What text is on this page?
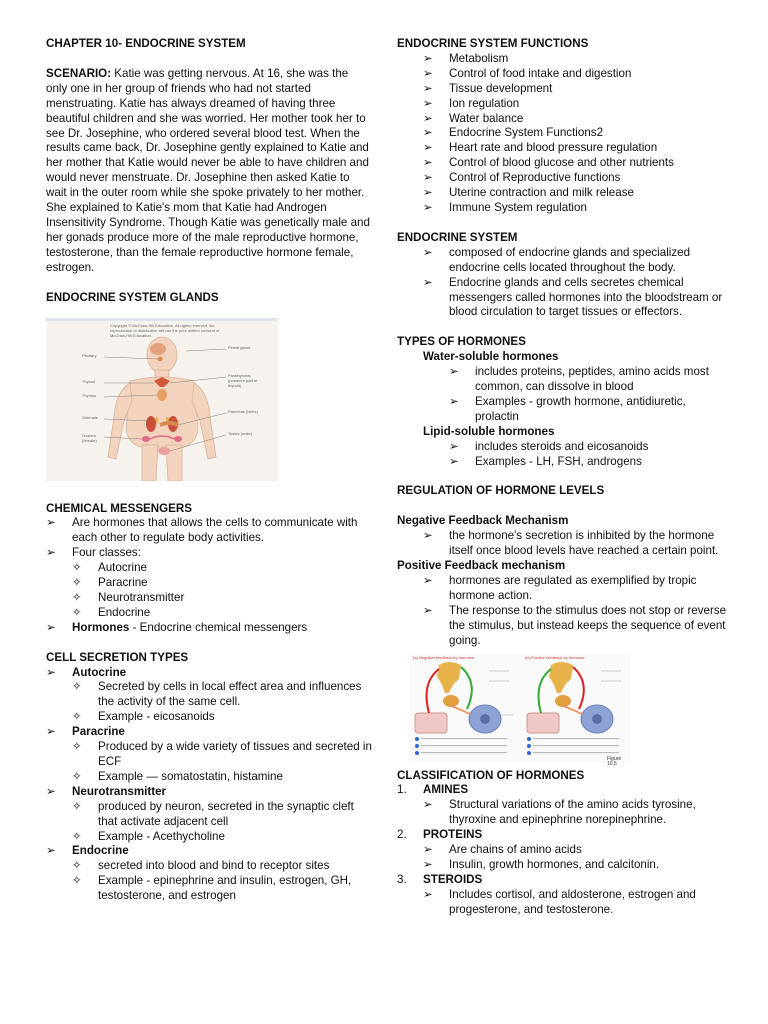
CHAPTER 10- ENDOCRINE SYSTEM

SCENARIO: Katie was getting nervous. At 16, she was the only one in her group of friends who had not started menstruating. Katie has always dreamed of having three beautiful children and she was worried. Her mother took her to see Dr. Josephine, who ordered several blood test. When the results came back, Dr. Josephine gently explained to Katie and her mother that Katie would never be able to have children and would never menstruate. Dr. Josephine then asked Katie to wait in the outer room while she spoke privately to her mother.

She explained to Katie's mom that Katie had Androgen Insensitivity Syndrome. Though Katie was genetically male and her gonads produce more of the male reproductive hormone, testosterone, than the female reproductive hormone female, estrogen.

ENDOCRINE SYSTEM GLANDS

Copyright © McGraw-Hill Education. All rights reserved. No reproduction or distribution without the prior written consent of McGraw-Hill Education.
Pituitary
Thyroid
Thymus
Adrenals
Ovaries (female)
Pineal gland
Parathyroids (posterior part of thyroid)
Pancreas (islets)
Testes (male)

CHEMICAL MESSENGERS

➢	Are hormones that allows the cells to communicate with each other to regulate body activities.
➢	Four classes:
✧ Autocrine
✧ Paracrine
✧ Neurotransmitter
✧ Endocrine
➢	Hormones - Endocrine chemical messengers

CELL SECRETION TYPES

➢	Autocrine
✧ Secreted by cells in local effect area and influences the activity of the same cell.
✧ Example - eicosanoids
➢	Paracrine
✧ Produced by a wide variety of tissues and secreted in ECF
✧ Example — somatostatin, histamine
➢	Neurotransmitter
✧ produced by neuron, secreted in the synaptic cleft that activate adjacent cell
✧ Example - Acethycholine
➢	Endocrine
✧ secreted into blood and bind to receptor sites
✧ Example - epinephrine and insulin, estrogen, GH, testosterone, and estrogen

ENDOCRINE SYSTEM FUNCTIONS

➢	Metabolism
➢	Control of food intake and digestion
➢	Tissue development
➢	Ion regulation
➢	Water balance
➢	Endocrine System Functions2
➢	Heart rate and blood pressure regulation
➢	Control of blood glucose and other nutrients
➢	Control of Reproductive functions
➢	Uterine contraction and milk release
➢	Immune System regulation

ENDOCRINE SYSTEM

➢	composed of endocrine glands and specialized endocrine cells located throughout the body.
➢	Endocrine glands and cells secretes chemical messengers called hormones into the bloodstream or blood circulation to target tissues or effectors.

TYPES OF HORMONES

Water-soluble hormones

➢	includes proteins, peptides, amino acids most common, can dissolve in blood
➢	Examples - growth hormone, antidiuretic, prolactin

Lipid-soluble hormones

➢	includes steroids and eicosanoids
➢	Examples - LH, FSH, androgens

REGULATION OF HORMONE LEVELS

Negative Feedback Mechanism

➢	the hormone's secretion is inhibited by the hormone itself once blood levels have reached a certain point.

Positive Feedback mechanism

➢	hormones are regulated as exemplified by tropic hormone action.
➢	The response to the stimulus does not stop or reverse the stimulus, but instead keeps the sequence of event going.
(a) Negative feedback by hormone	(b) Positive feedback by hormone
Figure 10.5

CLASSIFICATION OF HORMONES

1. AMINES
➢	Structural variations of the amino acids tyrosine, thyroxine and epinephrine norepinephrine.
2. PROTEINS
➢	Are chains of amino acids
➢	Insulin, growth hormones, and calcitonin.
3. STEROIDS
➢	Includes cortisol, and aldosterone, estrogen and progesterone, and testosterone.
